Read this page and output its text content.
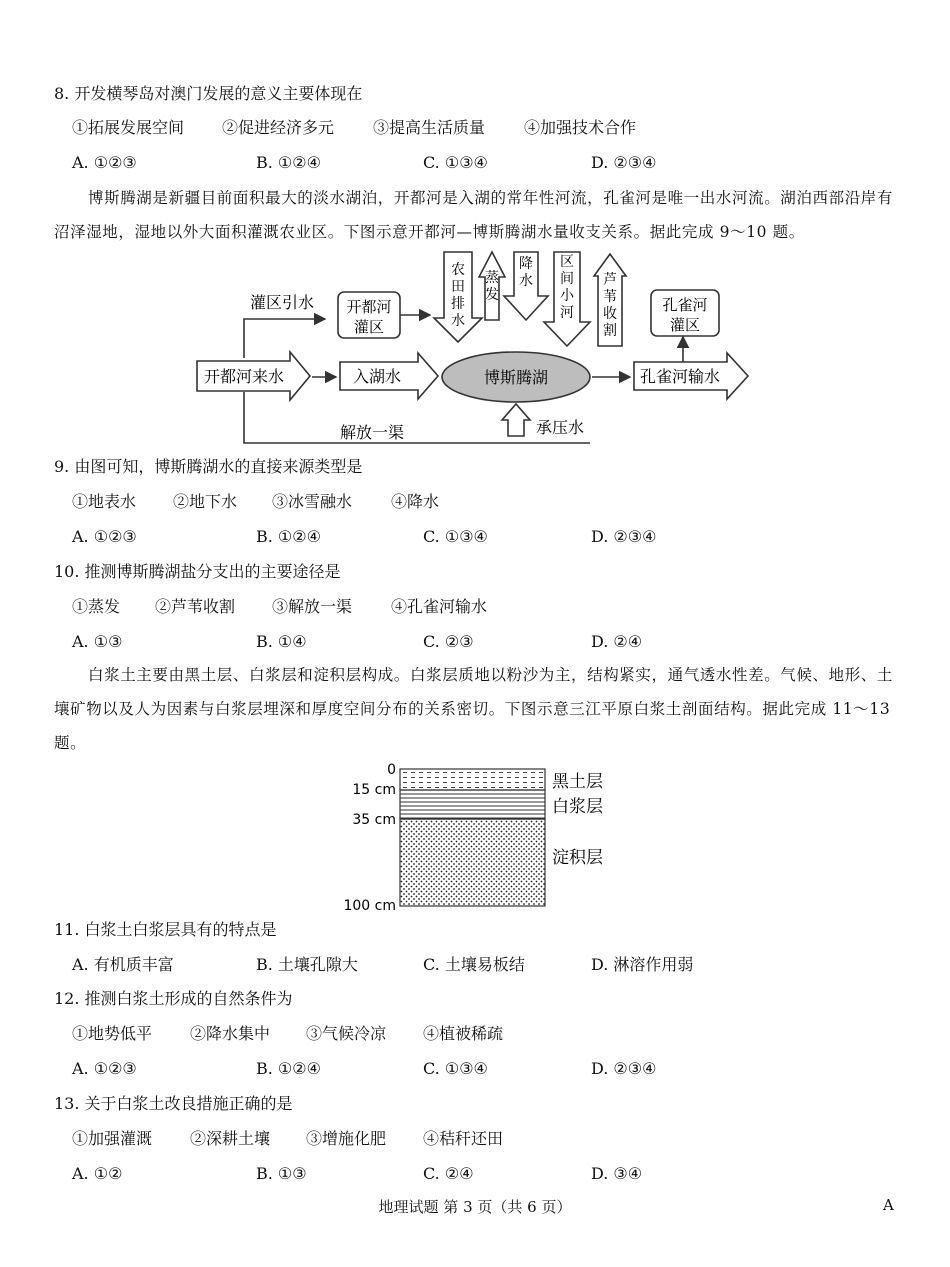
8. 开发横琴岛对澳门发展的意义主要体现在
①拓展发展空间 ②促进经济多元 ③提高生活质量 ④加强技术合作
A. ①②③	B. ①②④	C. ①③④	D. ②③④
博斯腾湖是新疆目前面积最大的淡水湖泊，开都河是入湖的常年性河流，孔雀河是唯一出水河流。湖泊西部沿岸有沼泽湿地，湿地以外大面积灌溉农业区。下图示意开都河—博斯腾湖水量收支关系。据此完成 9～10 题。
开都河来水
灌区引水 开都河灌区
农田排水
蒸发
降水
区间小河
芦苇收割
孔雀河灌区
入湖水	博斯腾湖	孔雀河输水
解放一渠	承压水
9. 由图可知，博斯腾湖水的直接来源类型是
①地表水 ②地下水 ③冰雪融水 ④降水
A. ①②③	B. ①②④	C. ①③④	D. ②③④
10. 推测博斯腾湖盐分支出的主要途径是
①蒸发 ②芦苇收割 ③解放一渠 ④孔雀河输水
A. ①③	B. ①④	C. ②③	D. ②④
白浆土主要由黑土层、白浆层和淀积层构成。白浆层质地以粉沙为主，结构紧实，通气透水性差。气候、地形、土壤矿物以及人为因素与白浆层埋深和厚度空间分布的关系密切。下图示意三江平原白浆土剖面结构。据此完成 11～13 题。
0
15 cm
35 cm
100 cm
黑土层
白浆层
淀积层
11. 白浆土白浆层具有的特点是
A. 有机质丰富	B. 土壤孔隙大	C. 土壤易板结	D. 淋溶作用弱
12. 推测白浆土形成的自然条件为
①地势低平 ②降水集中 ③气候冷凉 ④植被稀疏
A. ①②③	B. ①②④	C. ①③④	D. ②③④
13. 关于白浆土改良措施正确的是
①加强灌溉 ②深耕土壤 ③增施化肥 ④秸秆还田
A. ①②	B. ①③	C. ②④	D. ③④
地理试题 第 3 页（共 6 页）	A
